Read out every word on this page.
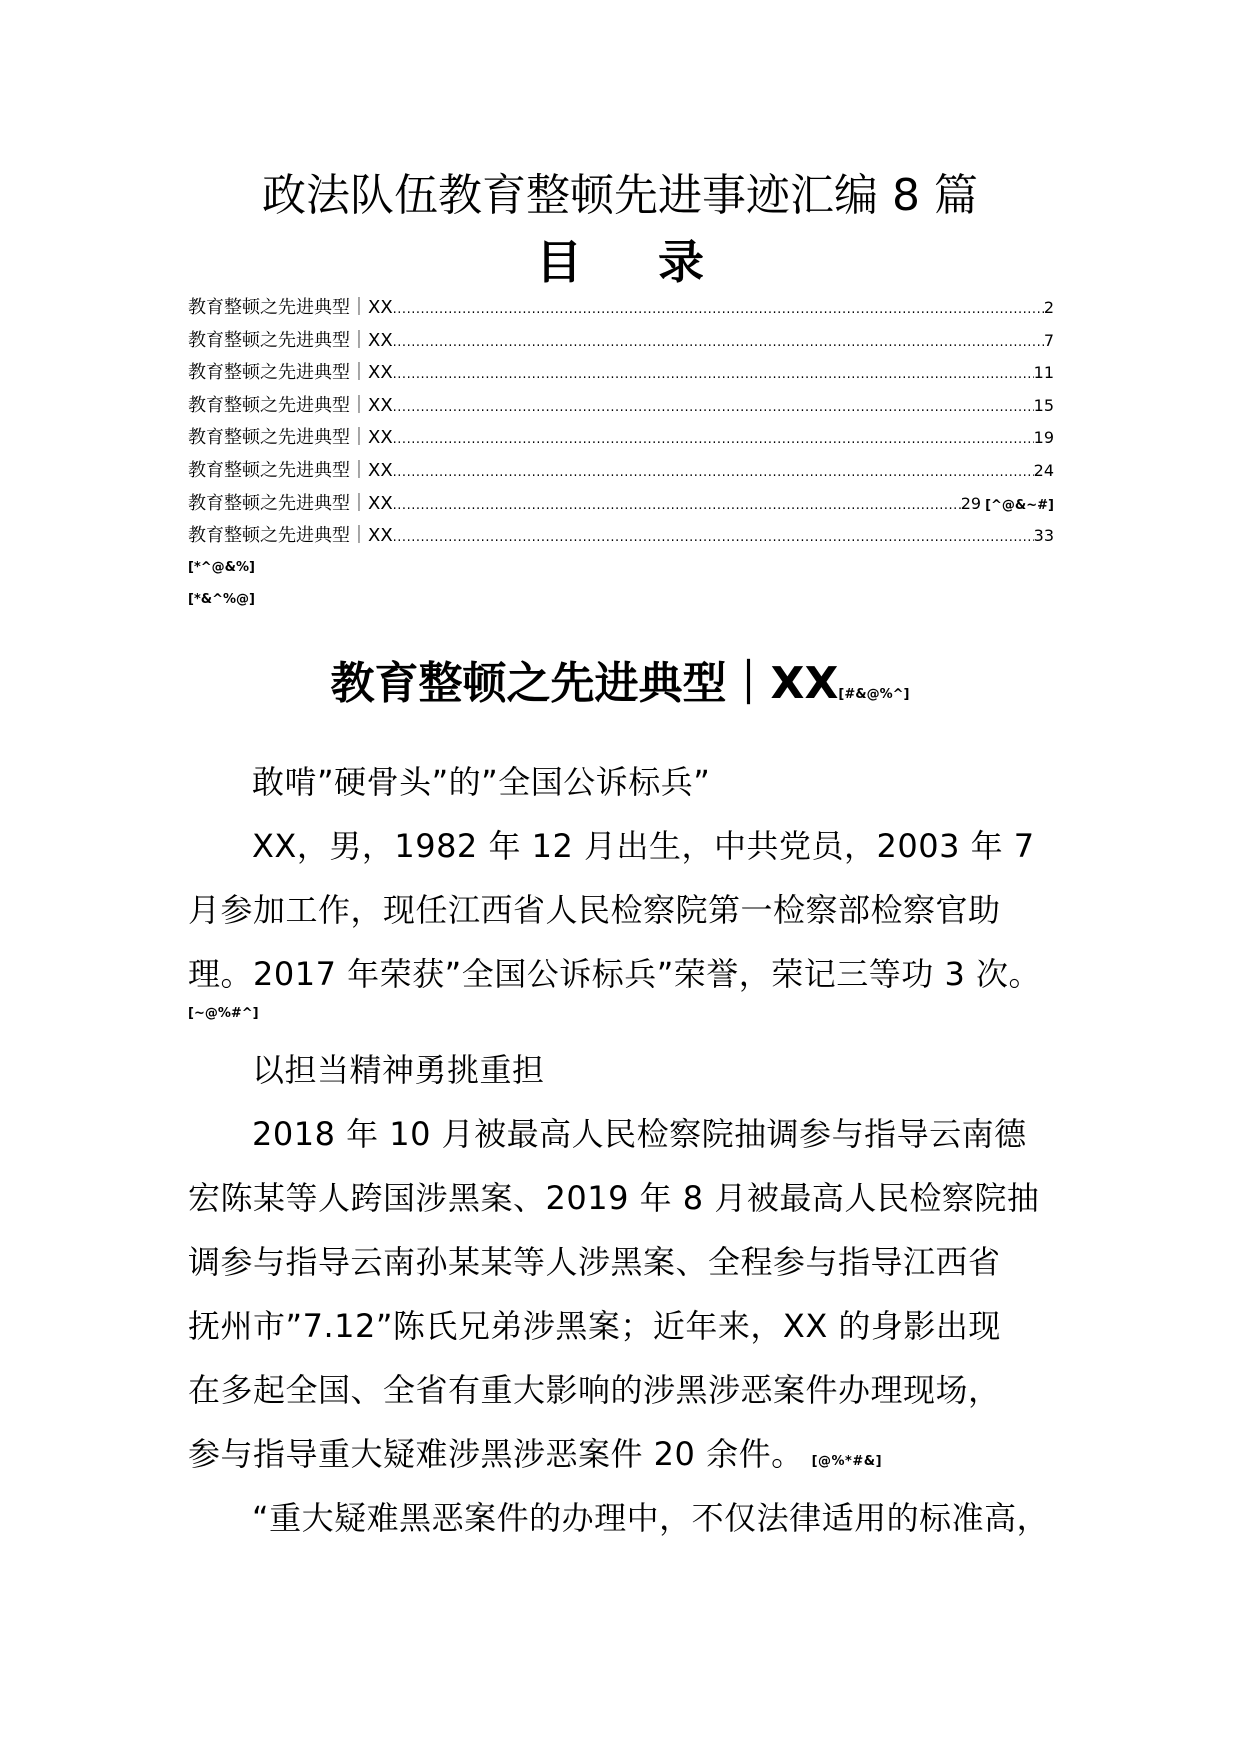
政法队伍教育整顿先进事迹汇编 8 篇
目 录
教育整顿之先进典型｜XX .....	2
教育整顿之先进典型｜XX .....	7
教育整顿之先进典型｜XX .....	11
教育整顿之先进典型｜XX .....	15
教育整顿之先进典型｜XX .....	19
教育整顿之先进典型｜XX .....	24
教育整顿之先进典型｜XX .....	29 [^@&~#]
教育整顿之先进典型｜XX .....	33
[*^@&%]
[*&^%@]
教育整顿之先进典型｜XX[#&@%^]
敢啃”硬骨头”的”全国公诉标兵”
XX，男，1982 年 12 月出生，中共党员，2003 年 7
月参加工作，现任江西省人民检察院第一检察部检察官助
理。2017 年荣获”全国公诉标兵”荣誉，荣记三等功 3 次。
[~@%#^]
以担当精神勇挑重担
2018 年 10 月被最高人民检察院抽调参与指导云南德
宏陈某等人跨国涉黑案、2019 年 8 月被最高人民检察院抽
调参与指导云南孙某某等人涉黑案、全程参与指导江西省
抚州市”7.12”陈氏兄弟涉黑案；近年来，XX 的身影出现
在多起全国、全省有重大影响的涉黑涉恶案件办理现场，
参与指导重大疑难涉黑涉恶案件 20 余件。 [@%*#&]
“重大疑难黑恶案件的办理中，不仅法律适用的标准高，
